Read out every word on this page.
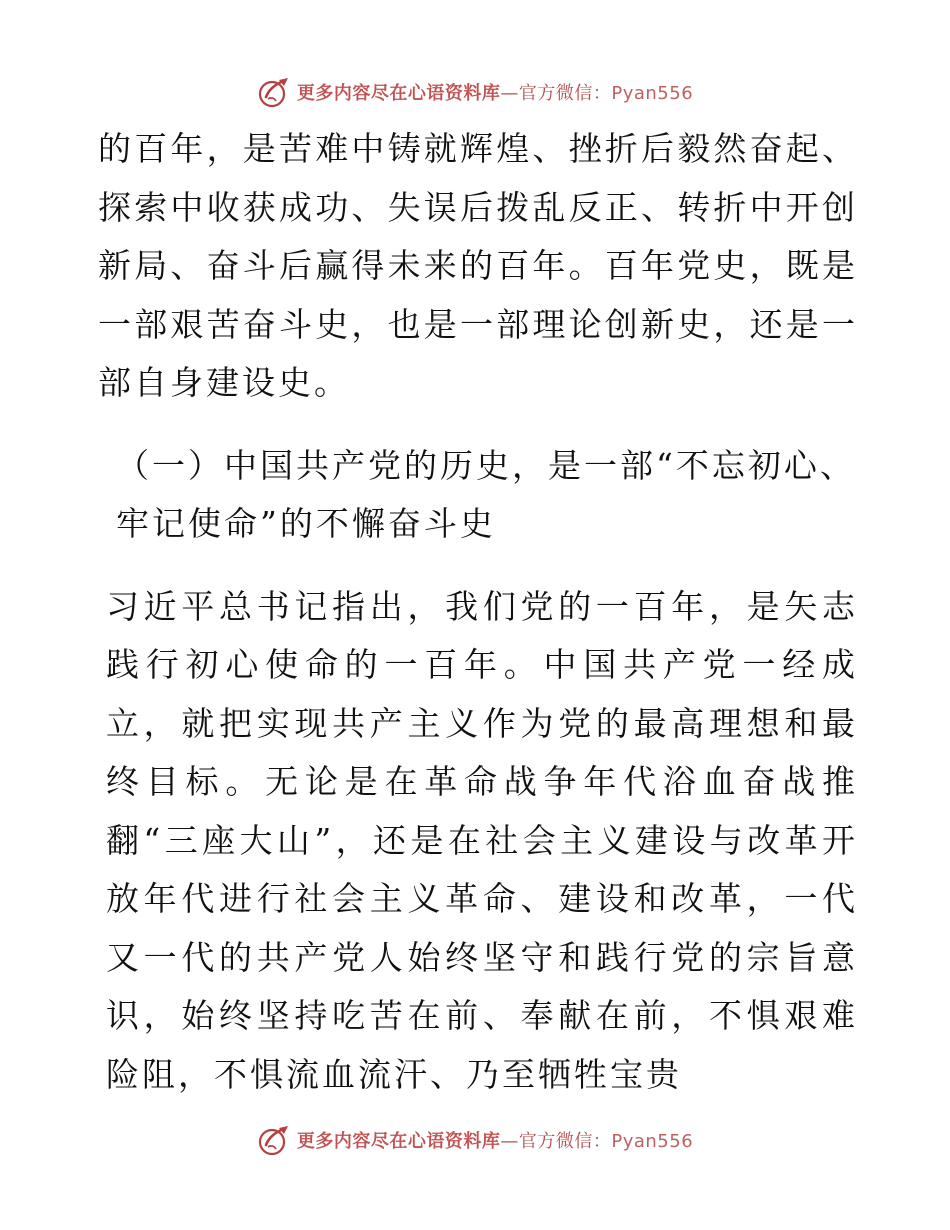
更多内容尽在心语资料库—官方微信：Pyan556

的百年，是苦难中铸就辉煌、挫折后毅然奋起、探索中收获成功、失误后拨乱反正、转折中开创新局、奋斗后赢得未来的百年。百年党史，既是一部艰苦奋斗史，也是一部理论创新史，还是一部自身建设史。

（一）中国共产党的历史，是一部“不忘初心、牢记使命”的不懈奋斗史

习近平总书记指出，我们党的一百年，是矢志践行初心使命的一百年。中国共产党一经成立，就把实现共产主义作为党的最高理想和最终目标。无论是在革命战争年代浴血奋战推翻“三座大山”，还是在社会主义建设与改革开放年代进行社会主义革命、建设和改革，一代又一代的共产党人始终坚守和践行党的宗旨意识，始终坚持吃苦在前、奉献在前，不惧艰难险阻，不惧流血流汗、乃至牺牲宝贵

更多内容尽在心语资料库—官方微信：Pyan556
